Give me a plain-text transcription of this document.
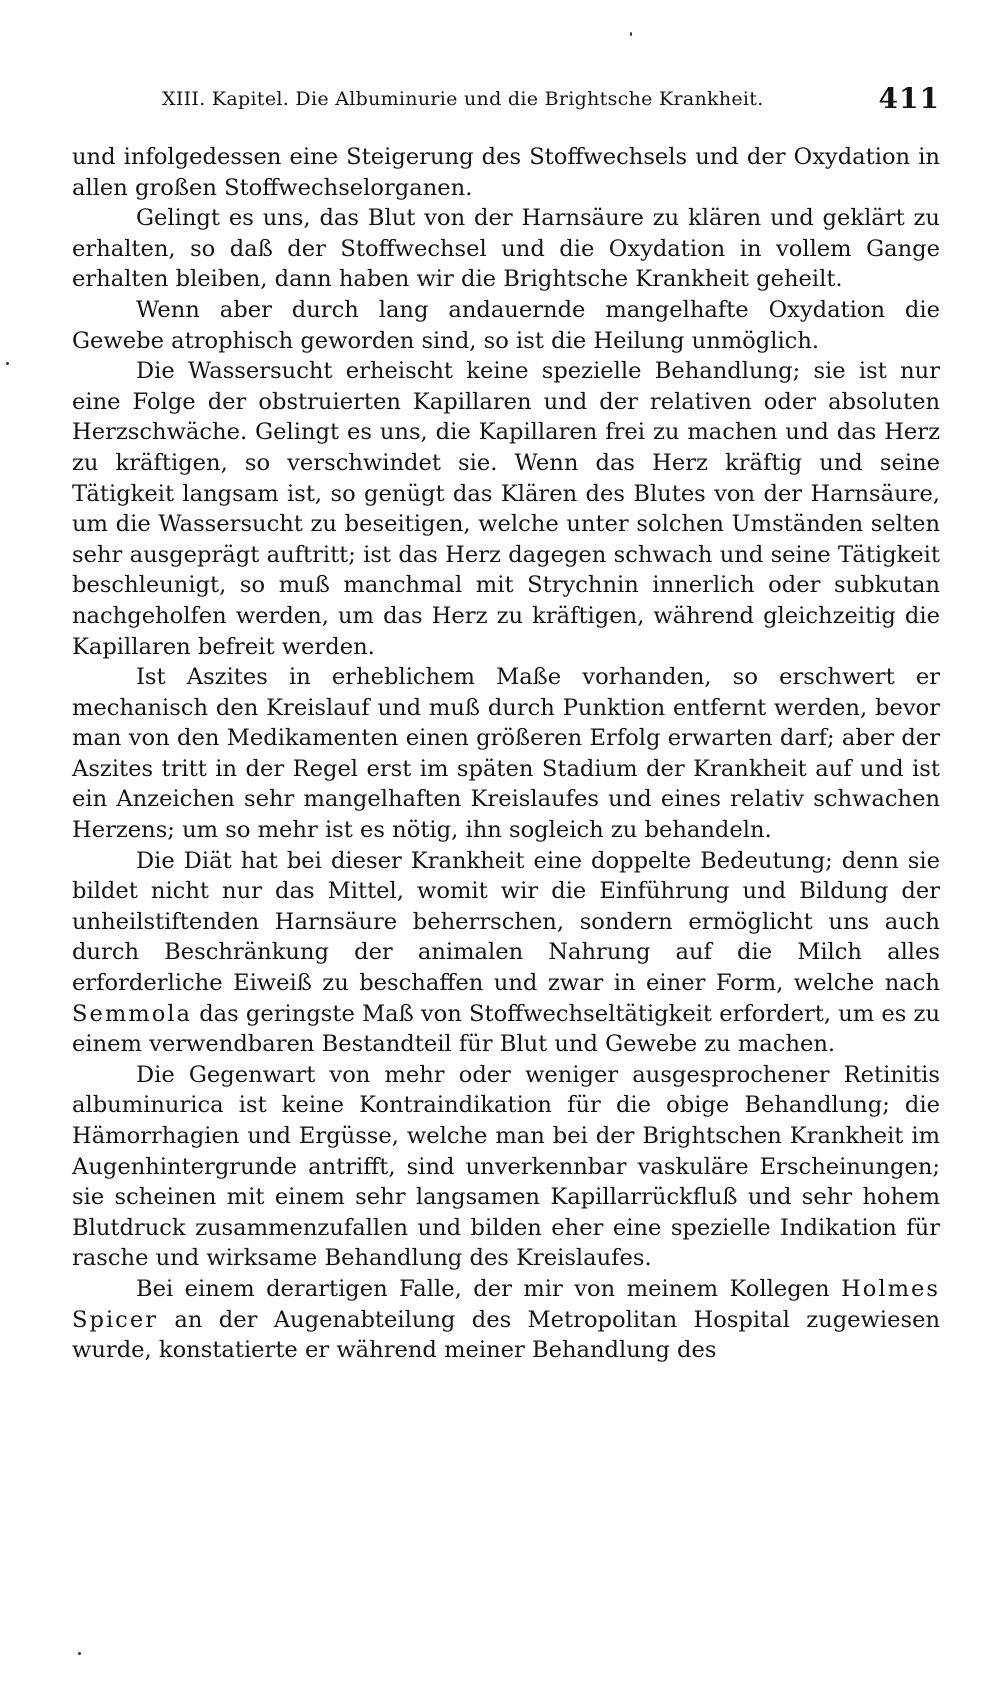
XIII. Kapitel. Die Albuminurie und die Brightsche Krankheit.	411

und infolgedessen eine Steigerung des Stoffwechsels und der Oxydation in allen großen Stoffwechselorganen.

Gelingt es uns, das Blut von der Harnsäure zu klären und geklärt zu erhalten, so daß der Stoffwechsel und die Oxydation in vollem Gange erhalten bleiben, dann haben wir die Brightsche Krankheit geheilt.

Wenn aber durch lang andauernde mangelhafte Oxydation die Gewebe atrophisch geworden sind, so ist die Heilung unmöglich.

Die Wassersucht erheischt keine spezielle Behandlung; sie ist nur eine Folge der obstruierten Kapillaren und der relativen oder absoluten Herzschwäche. Gelingt es uns, die Kapillaren frei zu machen und das Herz zu kräftigen, so verschwindet sie. Wenn das Herz kräftig und seine Tätigkeit langsam ist, so genügt das Klären des Blutes von der Harnsäure, um die Wassersucht zu beseitigen, welche unter solchen Umständen selten sehr ausgeprägt auftritt; ist das Herz dagegen schwach und seine Tätigkeit beschleunigt, so muß manchmal mit Strychnin innerlich oder subkutan nachgeholfen werden, um das Herz zu kräftigen, während gleichzeitig die Kapillaren befreit werden.

Ist Aszites in erheblichem Maße vorhanden, so erschwert er mechanisch den Kreislauf und muß durch Punktion entfernt werden, bevor man von den Medikamenten einen größeren Erfolg erwarten darf; aber der Aszites tritt in der Regel erst im späten Stadium der Krankheit auf und ist ein Anzeichen sehr mangelhaften Kreislaufes und eines relativ schwachen Herzens; um so mehr ist es nötig, ihn sogleich zu behandeln.

Die Diät hat bei dieser Krankheit eine doppelte Bedeutung; denn sie bildet nicht nur das Mittel, womit wir die Einführung und Bildung der unheilstiftenden Harnsäure beherrschen, sondern ermöglicht uns auch durch Beschränkung der animalen Nahrung auf die Milch alles erforderliche Eiweiß zu beschaffen und zwar in einer Form, welche nach Semmola das geringste Maß von Stoffwechseltätigkeit erfordert, um es zu einem verwendbaren Bestandteil für Blut und Gewebe zu machen.

Die Gegenwart von mehr oder weniger ausgesprochener Retinitis albuminurica ist keine Kontraindikation für die obige Behandlung; die Hämorrhagien und Ergüsse, welche man bei der Brightschen Krankheit im Augenhintergrunde antrifft, sind unverkennbar vaskuläre Erscheinungen; sie scheinen mit einem sehr langsamen Kapillarrückfluß und sehr hohem Blutdruck zusammenzufallen und bilden eher eine spezielle Indikation für rasche und wirksame Behandlung des Kreislaufes.

Bei einem derartigen Falle, der mir von meinem Kollegen Holmes Spicer an der Augenabteilung des Metropolitan Hospital zugewiesen wurde, konstatierte er während meiner Behandlung des
